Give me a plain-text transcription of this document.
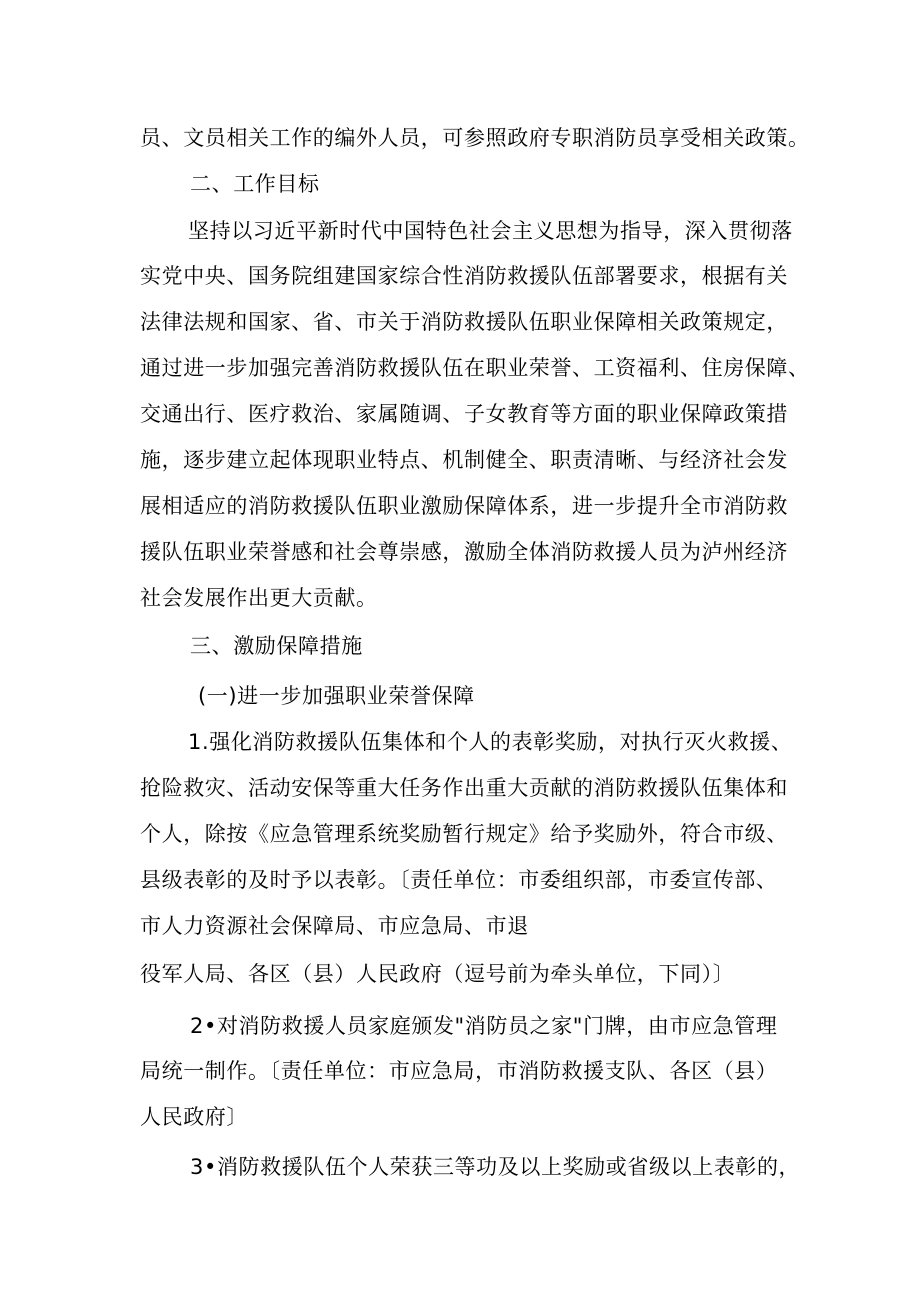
员、文员相关工作的编外人员，可参照政府专职消防员享受相关政策。
二、工作目标
坚持以习近平新时代中国特色社会主义思想为指导，深入贯彻落
实党中央、国务院组建国家综合性消防救援队伍部署要求，根据有关
法律法规和国家、省、市关于消防救援队伍职业保障相关政策规定，
通过进一步加强完善消防救援队伍在职业荣誉、工资福利、住房保障、
交通出行、医疗救治、家属随调、子女教育等方面的职业保障政策措
施，逐步建立起体现职业特点、机制健全、职责清晰、与经济社会发
展相适应的消防救援队伍职业激励保障体系，进一步提升全市消防救
援队伍职业荣誉感和社会尊崇感，激励全体消防救援人员为泸州经济
社会发展作出更大贡献。
三、激励保障措施
(一)进一步加强职业荣誉保障
1.强化消防救援队伍集体和个人的表彰奖励，对执行灭火救援、
抢险救灾、活动安保等重大任务作出重大贡献的消防救援队伍集体和
个人，除按《应急管理系统奖励暂行规定》给予奖励外，符合市级、
县级表彰的及时予以表彰。〔责任单位：市委组织部，市委宣传部、
市人力资源社会保障局、市应急局、市退
役军人局、各区（县）人民政府（逗号前为牵头单位，下同）〕
2•对消防救援人员家庭颁发"消防员之家"门牌，由市应急管理
局统一制作。〔责任单位：市应急局，市消防救援支队、各区（县）
人民政府〕
3•消防救援队伍个人荣获三等功及以上奖励或省级以上表彰的，
